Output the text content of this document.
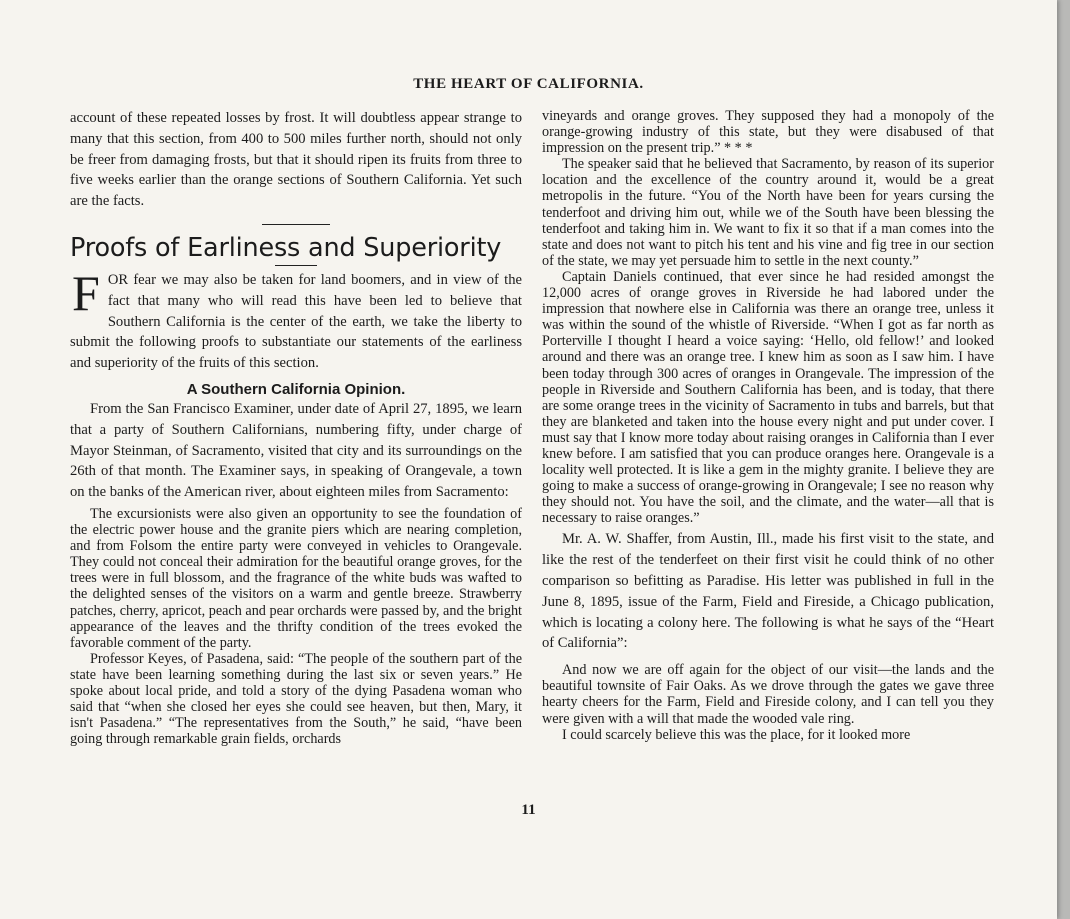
THE HEART OF CALIFORNIA.

account of these repeated losses by frost. It will doubtless appear strange to many that this section, from 400 to 500 miles further north, should not only be freer from damaging frosts, but that it should ripen its fruits from three to five weeks earlier than the orange sections of Southern California. Yet such are the facts.

Proofs of Earliness and Superiority

FOR fear we may also be taken for land boomers, and in view of the fact that many who will read this have been led to believe that Southern California is the center of the earth, we take the liberty to submit the following proofs to substantiate our statements of the earliness and superiority of the fruits of this section.

A Southern California Opinion.

From the San Francisco Examiner, under date of April 27, 1895, we learn that a party of Southern Californians, numbering fifty, under charge of Mayor Steinman, of Sacramento, visited that city and its surroundings on the 26th of that month. The Examiner says, in speaking of Orangevale, a town on the banks of the American river, about eighteen miles from Sacramento:

The excursionists were also given an opportunity to see the foundation of the electric power house and the granite piers which are nearing completion, and from Folsom the entire party were conveyed in vehicles to Orangevale. They could not conceal their admiration for the beautiful orange groves, for the trees were in full blossom, and the fragrance of the white buds was wafted to the delighted senses of the visitors on a warm and gentle breeze. Strawberry patches, cherry, apricot, peach and pear orchards were passed by, and the bright appearance of the leaves and the thrifty condition of the trees evoked the favorable comment of the party.

Professor Keyes, of Pasadena, said: “The people of the southern part of the state have been learning something during the last six or seven years.” He spoke about local pride, and told a story of the dying Pasadena woman who said that “when she closed her eyes she could see heaven, but then, Mary, it isn't Pasadena.” “The representatives from the South,” he said, “have been going through remarkable grain fields, orchards

vineyards and orange groves. They supposed they had a monopoly of the orange-growing industry of this state, but they were disabused of that impression on the present trip.” * * *

The speaker said that he believed that Sacramento, by reason of its superior location and the excellence of the country around it, would be a great metropolis in the future. “You of the North have been for years cursing the tenderfoot and driving him out, while we of the South have been blessing the tenderfoot and taking him in. We want to fix it so that if a man comes into the state and does not want to pitch his tent and his vine and fig tree in our section of the state, we may yet persuade him to settle in the next county.”

Captain Daniels continued, that ever since he had resided amongst the 12,000 acres of orange groves in Riverside he had labored under the impression that nowhere else in California was there an orange tree, unless it was within the sound of the whistle of Riverside. “When I got as far north as Porterville I thought I heard a voice saying: ‘Hello, old fellow!’ and looked around and there was an orange tree. I knew him as soon as I saw him. I have been today through 300 acres of oranges in Orangevale. The impression of the people in Riverside and Southern California has been, and is today, that there are some orange trees in the vicinity of Sacramento in tubs and barrels, but that they are blanketed and taken into the house every night and put under cover. I must say that I know more today about raising oranges in California than I ever knew before. I am satisfied that you can produce oranges here. Orangevale is a locality well protected. It is like a gem in the mighty granite. I believe they are going to make a success of orange-growing in Orangevale; I see no reason why they should not. You have the soil, and the climate, and the water—all that is necessary to raise oranges.”

Mr. A. W. Shaffer, from Austin, Ill., made his first visit to the state, and like the rest of the tenderfeet on their first visit he could think of no other comparison so befitting as Paradise. His letter was published in full in the June 8, 1895, issue of the Farm, Field and Fireside, a Chicago publication, which is locating a colony here. The following is what he says of the “Heart of California”:

And now we are off again for the object of our visit—the lands and the beautiful townsite of Fair Oaks. As we drove through the gates we gave three hearty cheers for the Farm, Field and Fireside colony, and I can tell you they were given with a will that made the wooded vale ring.

I could scarcely believe this was the place, for it looked more

11
